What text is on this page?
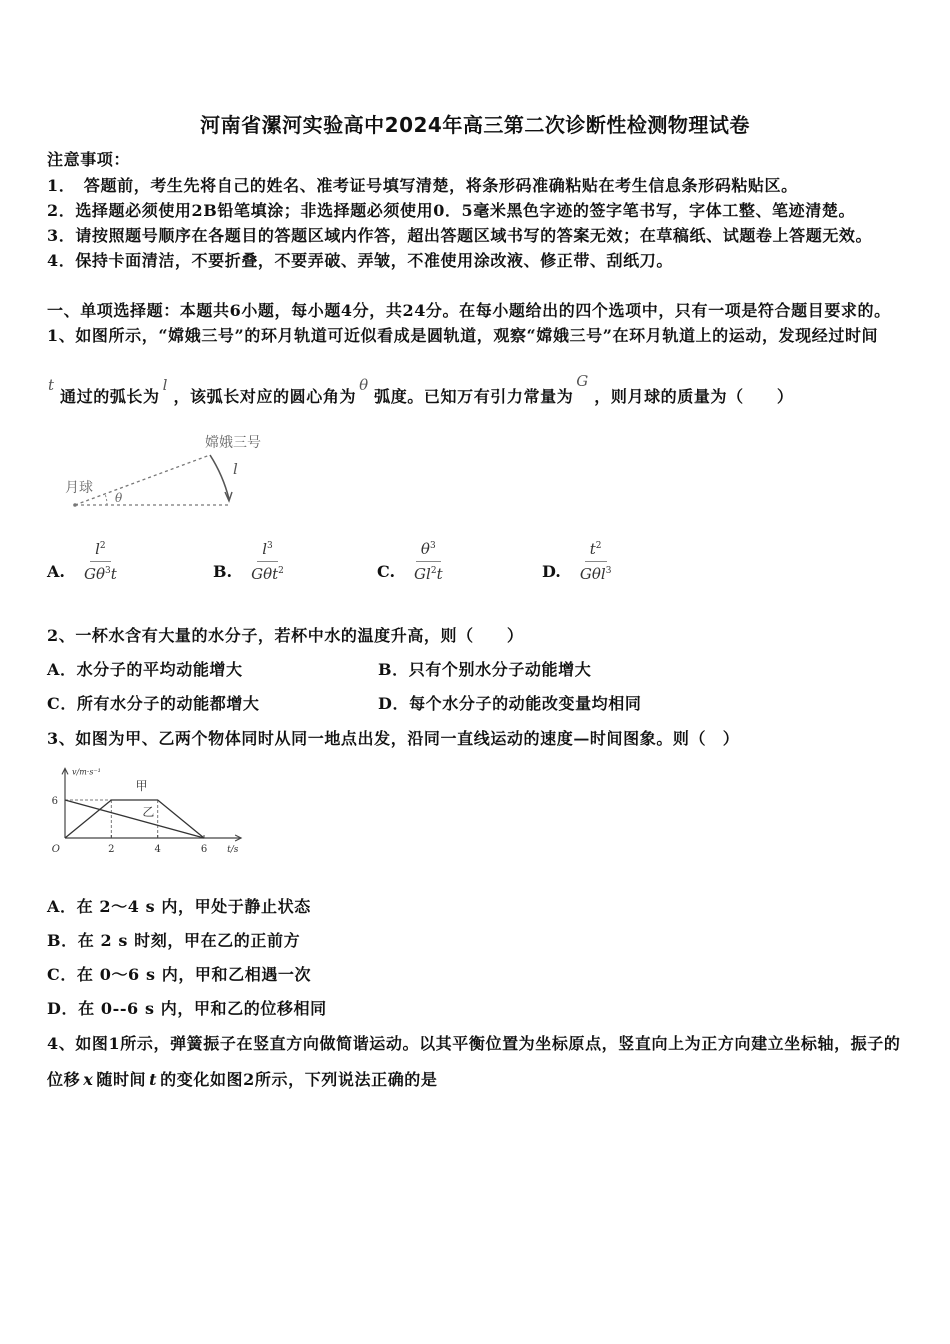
河南省漯河实验高中2024年高三第二次诊断性检测物理试卷
注意事项：
1．　答题前，考生先将自己的姓名、准考证号填写清楚，将条形码准确粘贴在考生信息条形码粘贴区。
2．选择题必须使用2B铅笔填涂；非选择题必须使用0．5毫米黑色字迹的签字笔书写，字体工整、笔迹清楚。
3．请按照题号顺序在各题目的答题区域内作答，超出答题区域书写的答案无效；在草稿纸、试题卷上答题无效。
4．保持卡面清洁，不要折叠，不要弄破、弄皱，不准使用涂改液、修正带、刮纸刀。
一、单项选择题：本题共6小题，每小题4分，共24分。在每小题给出的四个选项中，只有一项是符合题目要求的。
1、如图所示，“嫦娥三号”的环月轨道可近似看成是圆轨道，观察“嫦娥三号”在环月轨道上的运动，发现经过时间
t
通过的弧长为
l
，该弧长对应的圆心角为
θ
弧度。已知万有引力常量为
G
，则月球的质量为（　　）
嫦娥三号
l
月球
θ
A. $\frac{l^2}{G\theta^3t}$	B. $\frac{l^3}{G\theta t^2}$	C. $\frac{\theta^3}{Gl^2t}$	D. $\frac{t^2}{G\theta l^3}$
2、一杯水含有大量的水分子，若杯中水的温度升高，则（　　）
A．水分子的平均动能增大	B．只有个别水分子动能增大
C．所有水分子的动能都增大	D．每个水分子的动能改变量均相同
3、如图为甲、乙两个物体同时从同一地点出发，沿同一直线运动的速度—时间图象。则（　）
甲
乙
2	4	6
6
O	t/s
v/m·s⁻¹
A．在 2～4 s 内，甲处于静止状态
B．在 2 s 时刻，甲在乙的正前方
C．在 0～6 s 内，甲和乙相遇一次
D．在 0--6 s 内，甲和乙的位移相同
4、如图1所示，弹簧振子在竖直方向做简谐运动。以其平衡位置为坐标原点，竖直向上为正方向建立坐标轴，振子的
位移 x 随时间 t 的变化如图2所示，下列说法正确的是
